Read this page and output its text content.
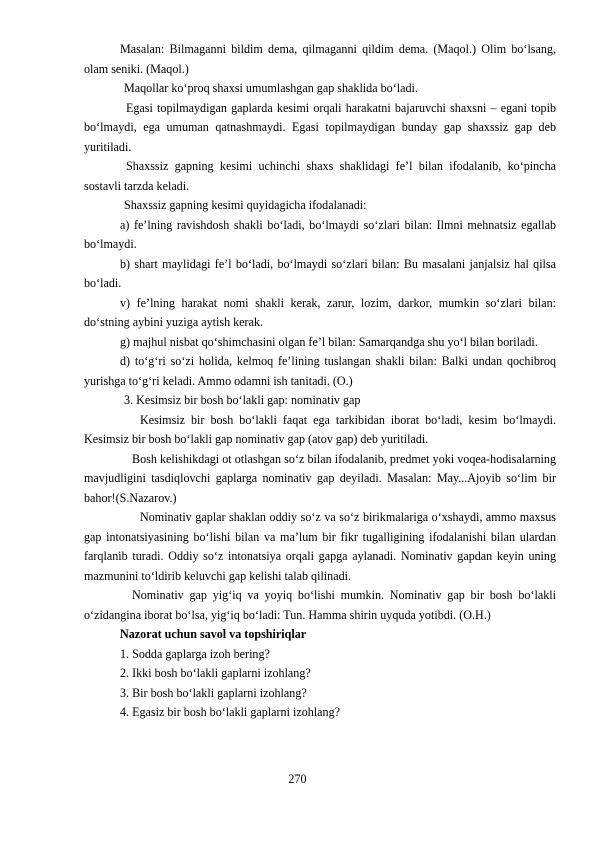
Masalan: Bilmaganni bildim dema, qilmaganni qildim dema. (Maqol.) Olim bo‘lsang, olam seniki. (Maqol.)

Maqollar ko‘proq shaxsi umumlashgan gap shaklida bo‘ladi.

Egasi topilmaydigan gaplarda kesimi orqali harakatni bajaruvchi shaxsni – egani topib bo‘lmaydi, ega umuman qatnashmaydi. Egasi topilmaydigan bunday gap shaxssiz gap deb yuritiladi.

Shaxssiz gapning kesimi uchinchi shaxs shaklidagi fe’l bilan ifodalanib, ko‘pincha sostavli tarzda keladi.

Shaxssiz gapning kesimi quyidagicha ifodalanadi:

a) fe’lning ravishdosh shakli bo‘ladi, bo‘lmaydi so‘zlari bilan: Ilmni mehnatsiz egallab bo‘lmaydi.

b) shart maylidagi fe’l bo‘ladi, bo‘lmaydi so‘zlari bilan: Bu masalani janjalsiz hal qilsa bo‘ladi.

v) fe’lning harakat nomi shakli kerak, zarur, lozim, darkor, mumkin so‘zlari bilan: do‘stning aybini yuziga aytish kerak.

g) majhul nisbat qo‘shimchasini olgan fe’l bilan: Samarqandga shu yo‘l bilan boriladi.

d) to‘g‘ri so‘zi holida, kelmoq fe’lining tuslangan shakli bilan: Balki undan qochibroq yurishga to‘g‘ri keladi. Ammo odamni ish tanitadi. (O.)

3. Kesimsiz bir bosh bo‘lakli gap: nominativ gap

Kesimsiz bir bosh bo‘lakli faqat ega tarkibidan iborat bo‘ladi, kesim bo‘lmaydi. Kesimsiz bir bosh bo‘lakli gap nominativ gap (atov gap) deb yuritiladi.

Bosh kelishikdagi ot otlashgan so‘z bilan ifodalanib, predmet yoki voqea-hodisalarning mavjudligini tasdiqlovchi gaplarga nominativ gap deyiladi. Masalan: May...Ajoyib so‘lim bir bahor!(S.Nazarov.)

Nominativ gaplar shaklan oddiy so‘z va so‘z birikmalariga o‘xshaydi, ammo maxsus gap intonatsiyasining bo‘lishi bilan va ma’lum bir fikr tugalligining ifodalanishi bilan ulardan farqlanib turadi. Oddiy so‘z intonatsiya orqali gapga aylanadi. Nominativ gapdan keyin uning mazmunini to‘ldirib keluvchi gap kelishi talab qilinadi.

Nominativ gap yig‘iq va yoyiq bo‘lishi mumkin. Nominativ gap bir bosh bo‘lakli o‘zidangina iborat bo‘lsa, yig‘iq bo‘ladi: Tun. Hamma shirin uyquda yotibdi. (O.H.)

Nazorat uchun savol va topshiriqlar

1. Sodda gaplarga izoh bering?

2. Ikki bosh bo‘lakli gaplarni izohlang?

3. Bir bosh bo‘lakli gaplarni izohlang?

4. Egasiz bir bosh bo‘lakli gaplarni izohlang?

270
